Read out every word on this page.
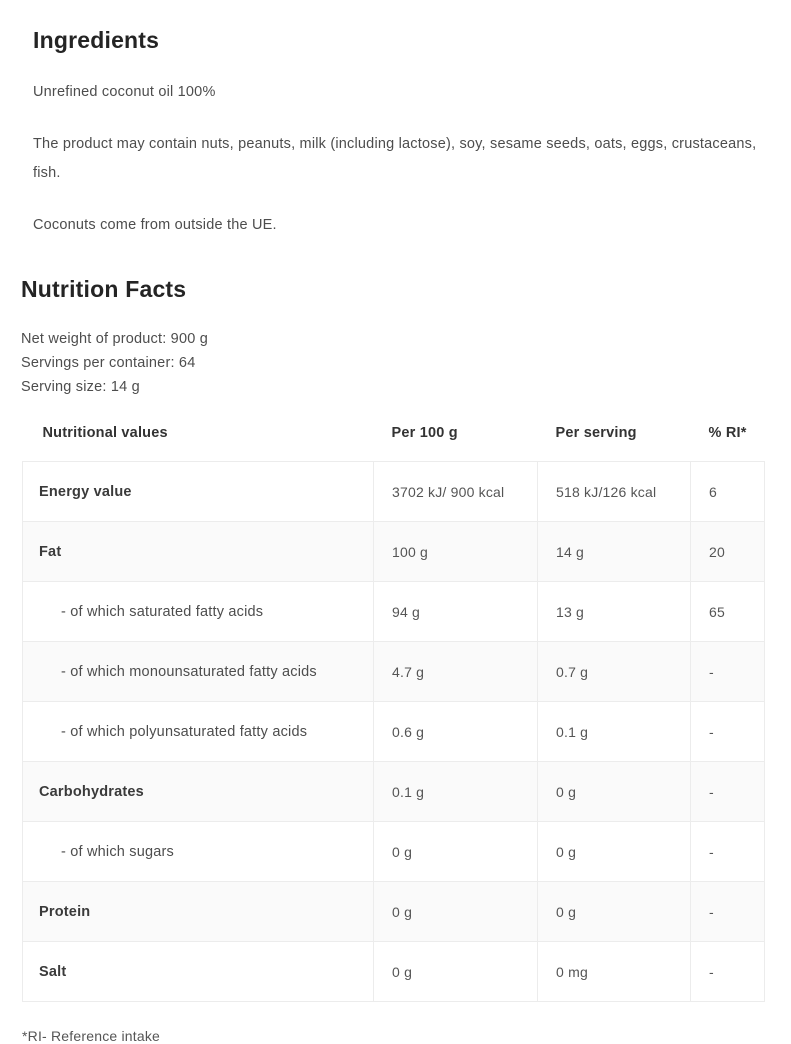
Ingredients

Unrefined coconut oil 100%

The product may contain nuts, peanuts, milk (including lactose), soy, sesame seeds, oats, eggs, crustaceans, fish.

Coconuts come from outside the UE.

Nutrition Facts
Net weight of product: 900 g
Servings per container: 64
Serving size: 14 g
Nutritional values	Per 100 g	Per serving	% RI*
Energy value	3702 kJ/ 900 kcal	518 kJ/126 kcal	6
Fat	100 g	14 g	20
- of which saturated fatty acids	94 g	13 g	65
- of which monounsaturated fatty acids	4.7 g	0.7 g	-
- of which polyunsaturated fatty acids	0.6 g	0.1 g	-
Carbohydrates	0.1 g	0 g	-
- of which sugars	0 g	0 g	-
Protein	0 g	0 g	-
Salt	0 g	0 mg	-

*RI- Reference intake
